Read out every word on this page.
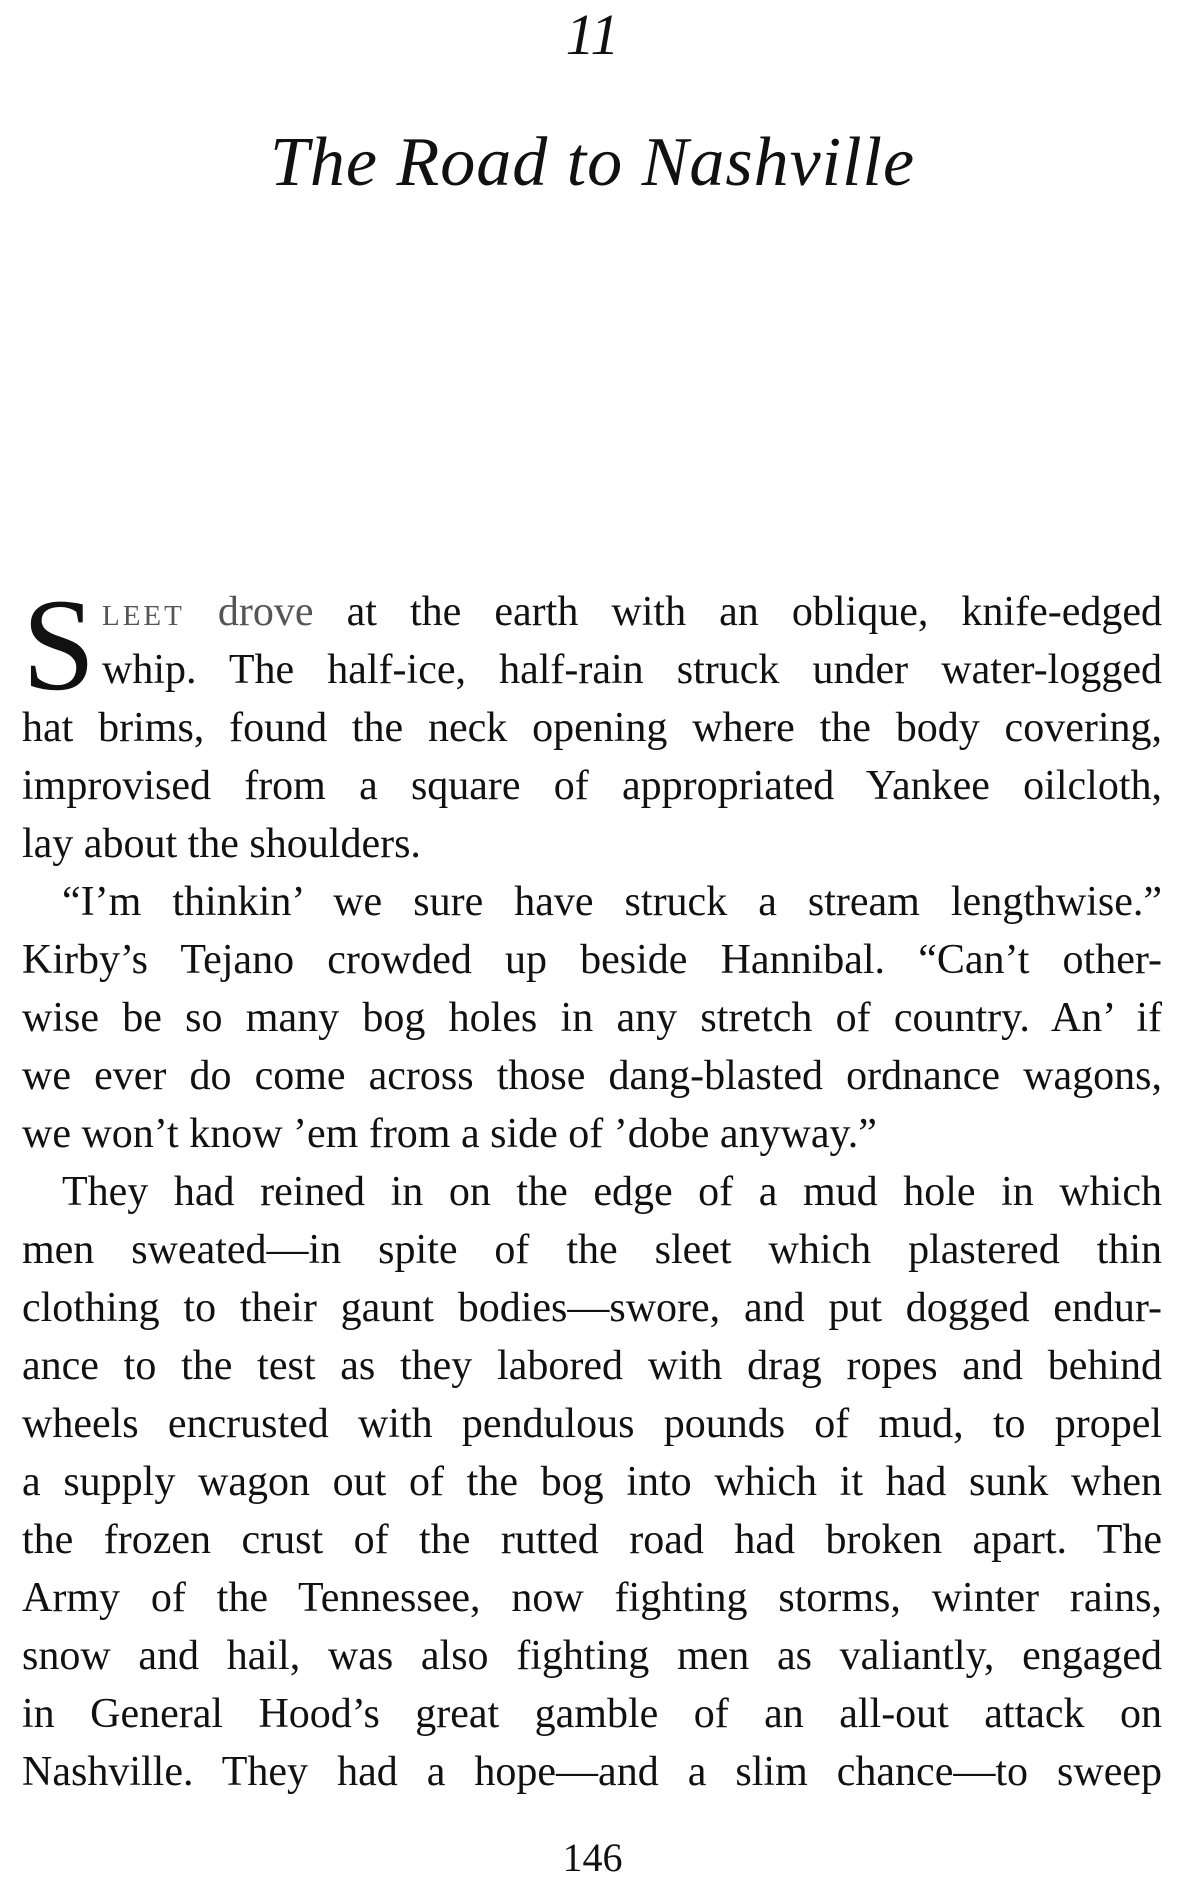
11
The Road to Nashville
S leet drove at the earth with an oblique, knife-edged
whip. The half-ice, half-rain struck under water-logged
hat brims, found the neck opening where the body covering,
improvised from a square of appropriated Yankee oilcloth,
lay about the shoulders.
“I’m thinkin’ we sure have struck a stream lengthwise.”
Kirby’s Tejano crowded up beside Hannibal. “Can’t other-
wise be so many bog holes in any stretch of country. An’ if
we ever do come across those dang-blasted ordnance wagons,
we won’t know ’em from a side of ’dobe anyway.”
They had reined in on the edge of a mud hole in which
men sweated—in spite of the sleet which plastered thin
clothing to their gaunt bodies—swore, and put dogged endur-
ance to the test as they labored with drag ropes and behind
wheels encrusted with pendulous pounds of mud, to propel
a supply wagon out of the bog into which it had sunk when
the frozen crust of the rutted road had broken apart. The
Army of the Tennessee, now fighting storms, winter rains,
snow and hail, was also fighting men as valiantly, engaged
in General Hood’s great gamble of an all-out attack on
Nashville. They had a hope—and a slim chance—to sweep
146
